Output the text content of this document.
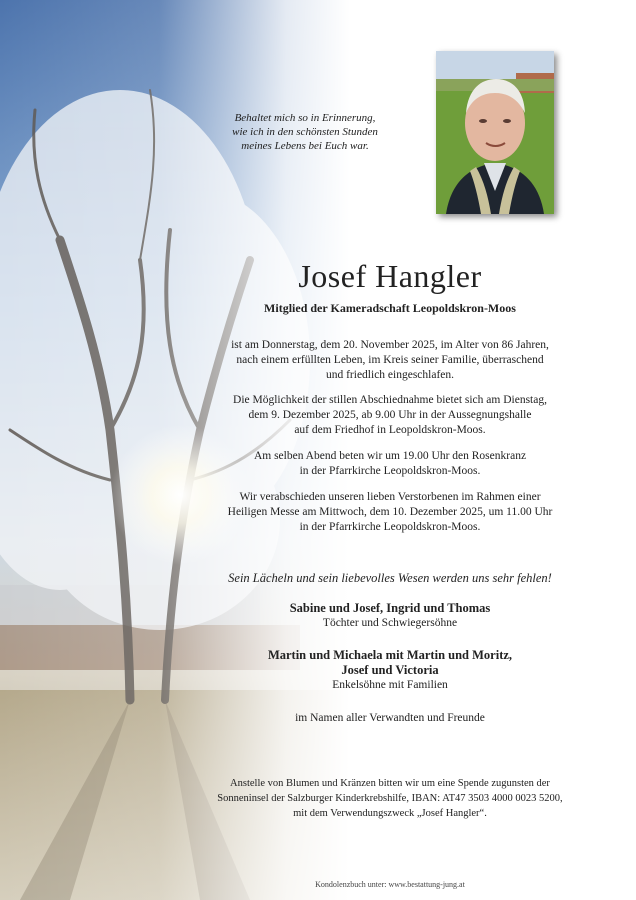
Behaltet mich so in Erinnerung,
wie ich in den schönsten Stunden
meines Lebens bei Euch war.
Josef Hangler
Mitglied der Kameradschaft Leopoldskron-Moos
ist am Donnerstag, dem 20. November 2025, im Alter von 86 Jahren,
nach einem erfüllten Leben, im Kreis seiner Familie, überraschend
und friedlich eingeschlafen.
Die Möglichkeit der stillen Abschiednahme bietet sich am Dienstag,
dem 9. Dezember 2025, ab 9.00 Uhr in der Aussegnungshalle
auf dem Friedhof in Leopoldskron-Moos.
Am selben Abend beten wir um 19.00 Uhr den Rosenkranz
in der Pfarrkirche Leopoldskron-Moos.
Wir verabschieden unseren lieben Verstorbenen im Rahmen einer
Heiligen Messe am Mittwoch, dem 10. Dezember 2025, um 11.00 Uhr
in der Pfarrkirche Leopoldskron-Moos.
Sein Lächeln und sein liebevolles Wesen werden uns sehr fehlen!
Sabine und Josef, Ingrid und Thomas
Töchter und Schwiegersöhne
Martin und Michaela mit Martin und Moritz,
Josef und Victoria
Enkelsöhne mit Familien
im Namen aller Verwandten und Freunde
Anstelle von Blumen und Kränzen bitten wir um eine Spende zugunsten der
Sonneninsel der Salzburger Kinderkrebshilfe, IBAN: AT47 3503 4000 0023 5200,
mit dem Verwendungszweck „Josef Hangler“.
Kondolenzbuch unter: www.bestattung-jung.at
